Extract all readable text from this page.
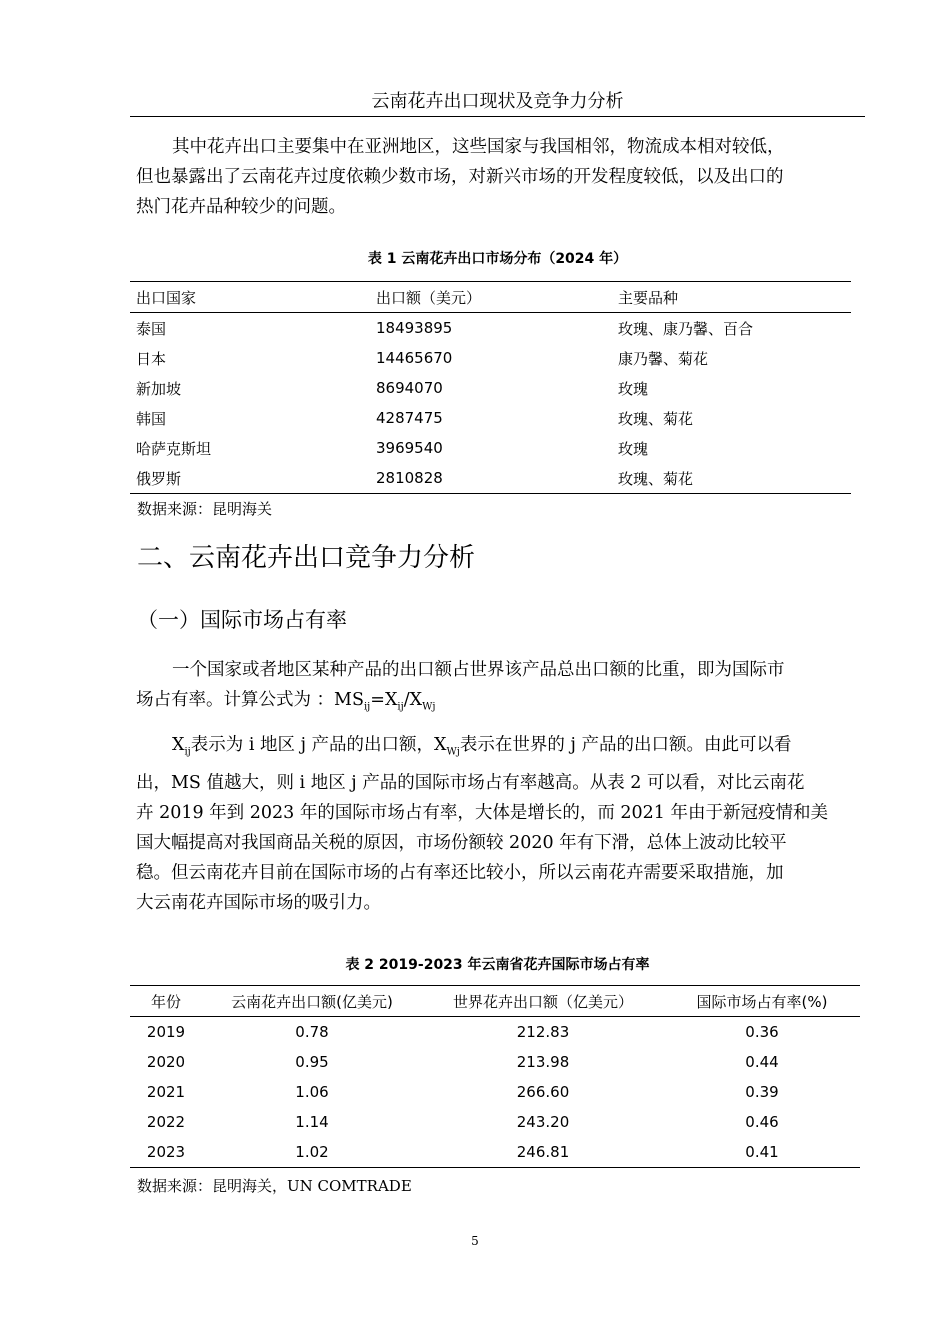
云南花卉出口现状及竞争力分析
其中花卉出口主要集中在亚洲地区，这些国家与我国相邻，物流成本相对较低，
但也暴露出了云南花卉过度依赖少数市场，对新兴市场的开发程度较低，以及出口的
热门花卉品种较少的问题。
表 1 云南花卉出口市场分布（2024 年）
出口国家	出口额（美元）	主要品种
泰国	18493895	玫瑰、康乃馨、百合
日本	14465670	康乃馨、菊花
新加坡	8694070	玫瑰
韩国	4287475	玫瑰、菊花
哈萨克斯坦	3969540	玫瑰
俄罗斯	2810828	玫瑰、菊花
数据来源：昆明海关
二、云南花卉出口竞争力分析
（一）国际市场占有率
一个国家或者地区某种产品的出口额占世界该产品总出口额的比重，即为国际市
场占有率。计算公式为 ：$MS_{ij}=X_{ij}/X_{Wj}$
$X_{ij}$表示为 i 地区 j 产品的出口额，$X_{Wj}$表示在世界的 j 产品的出口额。由此可以看
出，MS 值越大，则 i 地区 j 产品的国际市场占有率越高。从表 2 可以看，对比云南花
卉 2019 年到 2023 年的国际市场占有率，大体是增长的，而 2021 年由于新冠疫情和美
国大幅提高对我国商品关税的原因，市场份额较 2020 年有下滑，总体上波动比较平
稳。但云南花卉目前在国际市场的占有率还比较小，所以云南花卉需要采取措施，加
大云南花卉国际市场的吸引力。
表 2 2019-2023 年云南省花卉国际市场占有率
年份	云南花卉出口额(亿美元)	世界花卉出口额（亿美元）	国际市场占有率(%)
2019	0.78	212.83	0.36
2020	0.95	213.98	0.44
2021	1.06	266.60	0.39
2022	1.14	243.20	0.46
2023	1.02	246.81	0.41
数据来源：昆明海关，UN COMTRADE
5
